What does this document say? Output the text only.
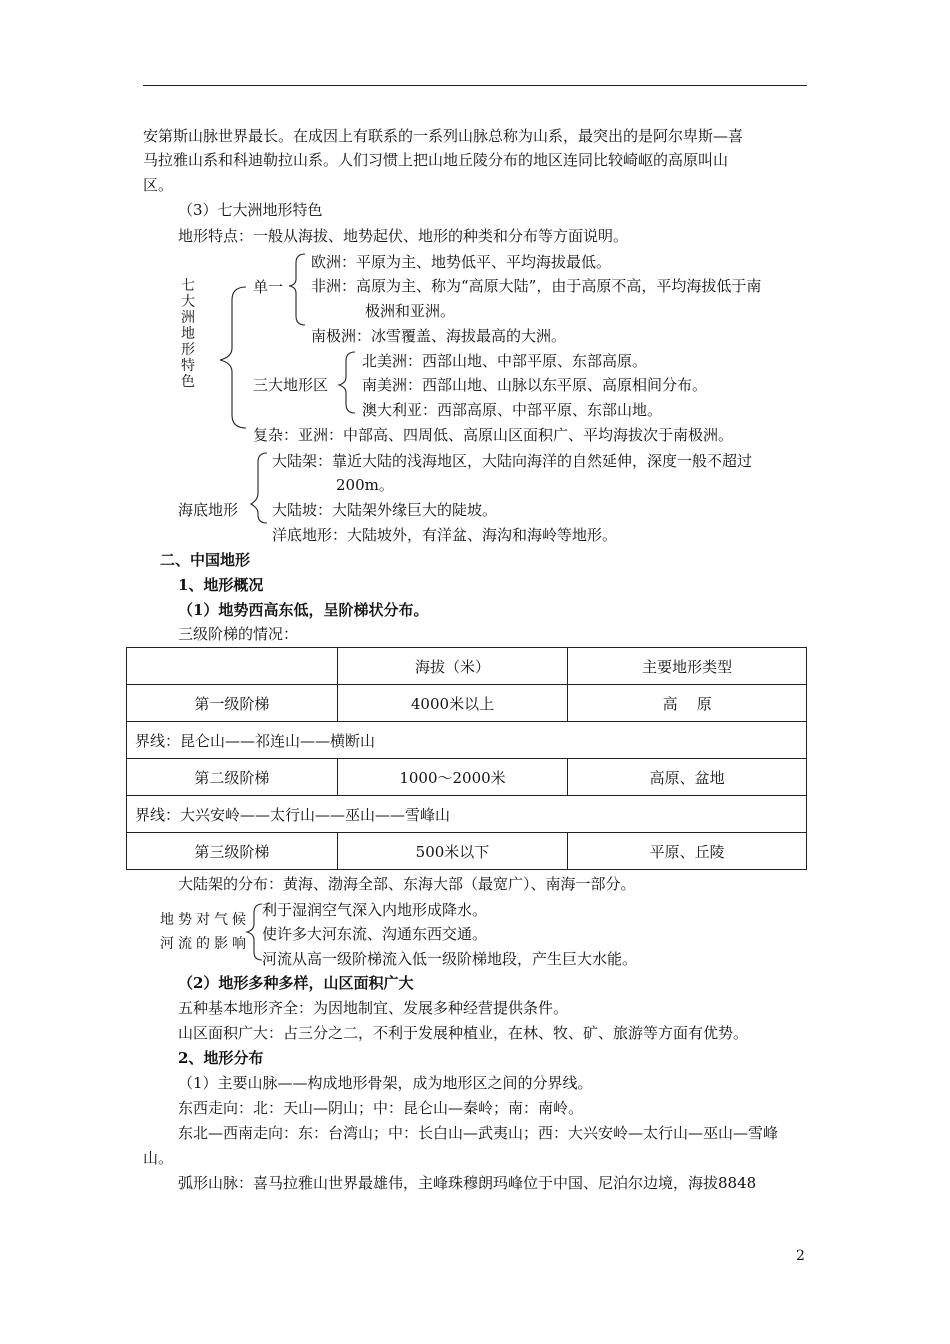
安第斯山脉世界最长。在成因上有联系的一系列山脉总称为山系，最突出的是阿尔卑斯—喜
马拉雅山系和科迪勒拉山系。人们习惯上把山地丘陵分布的地区连同比较崎岖的高原叫山
区。
（3）七大洲地形特色
地形特点：一般从海拔、地势起伏、地形的种类和分布等方面说明。
七大洲地形特色
单一
欧洲：平原为主、地势低平、平均海拔最低。
非洲：高原为主、称为“高原大陆”，由于高原不高，平均海拔低于南
极洲和亚洲。
南极洲：冰雪覆盖、海拔最高的大洲。
三大地形区
北美洲：西部山地、中部平原、东部高原。
南美洲：西部山地、山脉以东平原、高原相间分布。
澳大利亚：西部高原、中部平原、东部山地。
复杂：亚洲：中部高、四周低、高原山区面积广、平均海拔次于南极洲。
海底地形
大陆架：靠近大陆的浅海地区，大陆向海洋的自然延伸，深度一般不超过
200m。
大陆坡：大陆架外缘巨大的陡坡。
洋底地形：大陆坡外，有洋盆、海沟和海岭等地形。
二、中国地形
1、地形概况
（1）地势西高东低，呈阶梯状分布。
三级阶梯的情况：
	海拔（米）	主要地形类型
第一级阶梯	4000米以上	高    原
界线：昆仑山——祁连山——横断山		
第二级阶梯	1000～2000米	高原、盆地
界线：大兴安岭——太行山——巫山——雪峰山		
第三级阶梯	500米以下	平原、丘陵
大陆架的分布：黄海、渤海全部、东海大部（最宽广）、南海一部分。
地势对气候
河流的影响
利于湿润空气深入内地形成降水。
使许多大河东流、沟通东西交通。
河流从高一级阶梯流入低一级阶梯地段，产生巨大水能。
（2）地形多种多样，山区面积广大
五种基本地形齐全：为因地制宜、发展多种经营提供条件。
山区面积广大：占三分之二，不利于发展种植业，在林、牧、矿、旅游等方面有优势。
2、地形分布
（1）主要山脉——构成地形骨架，成为地形区之间的分界线。
东西走向：北：天山—阴山；中：昆仑山—秦岭；南：南岭。
东北—西南走向：东：台湾山；中：长白山—武夷山；西：大兴安岭—太行山—巫山—雪峰
山。
弧形山脉：喜马拉雅山世界最雄伟，主峰珠穆朗玛峰位于中国、尼泊尔边境，海拔8848
2
